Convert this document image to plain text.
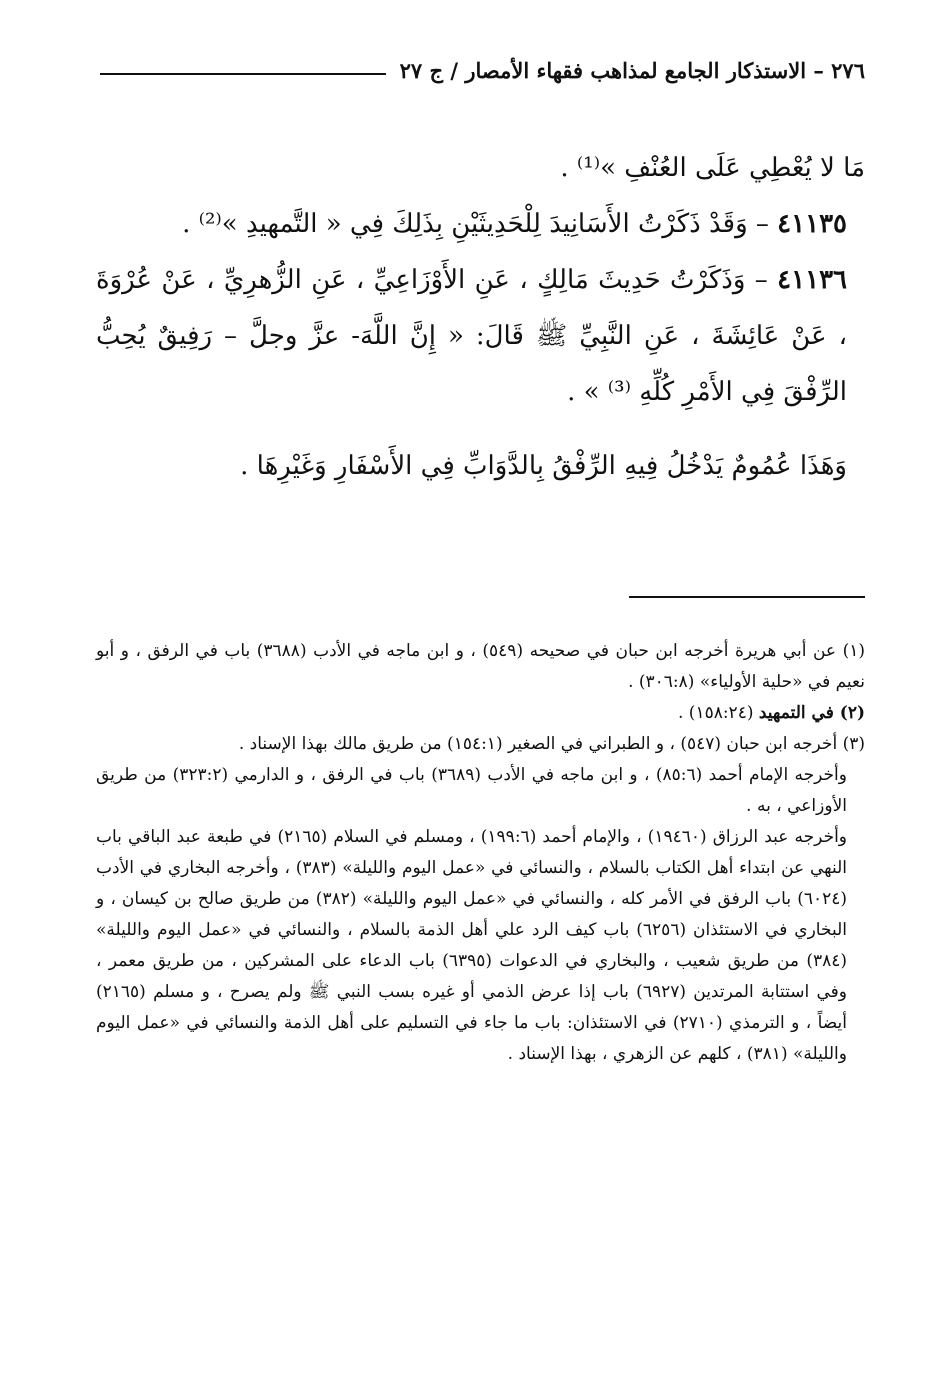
٢٧٦ – الاستذكار الجامع لمذاهب فقهاء الأمصار / ج ٢٧

مَا لا يُعْطِي عَلَى العُنْفِ »⁽¹⁾ .

٤١١٣٥ – وَقَدْ ذَكَرْتُ الأَسَانِيدَ لِلْحَدِيثَيْنِ بِذَلِكَ فِي « التَّمهيدِ »⁽²⁾ .

٤١١٣٦ – وَذَكَرْتُ حَدِيثَ مَالِكٍ ، عَنِ الأَوْزَاعِيِّ ، عَنِ الزُّهرِيِّ ، عَنْ عُرْوَةَ ، عَنْ عَائِشَةَ ، عَنِ النَّبِيِّ ﷺ قَالَ: « إِنَّ اللَّهَ- عزَّ وجلَّ – رَفِيقٌ يُحِبُّ الرِّفْقَ فِي الأَمْرِ كُلِّهِ ⁽³⁾ » .

وَهَذَا عُمُومٌ يَدْخُلُ فِيهِ الرِّفْقُ بِالدَّوَابِّ فِي الأَسْفَارِ وَغَيْرِهَا .

(١) عن أبي هريرة أخرجه ابن حبان في صحيحه (٥٤٩) ، و ابن ماجه في الأدب (٣٦٨٨) باب في الرفق ، و أبو نعيم في «حلية الأولياء» (٣٠٦:٨) .

(٢) في التمهيد (١٥٨:٢٤) .

(٣) أخرجه ابن حبان (٥٤٧) ، و الطبراني في الصغير (١٥٤:١) من طريق مالك بهذا الإسناد .

وأخرجه الإمام أحمد (٨٥:٦) ، و ابن ماجه في الأدب (٣٦٨٩) باب في الرفق ، و الدارمي (٣٢٣:٢) من طريق الأوزاعي ، به .

وأخرجه عبد الرزاق (١٩٤٦٠) ، والإمام أحمد (١٩٩:٦) ، ومسلم في السلام (٢١٦٥) في طبعة عبد الباقي باب النهي عن ابتداء أهل الكتاب بالسلام ، والنسائي في «عمل اليوم والليلة» (٣٨٣) ، وأخرجه البخاري في الأدب (٦٠٢٤) باب الرفق في الأمر كله ، والنسائي في «عمل اليوم والليلة» (٣٨٢) من طريق صالح بن كيسان ، و البخاري في الاستئذان (٦٢٥٦) باب كيف الرد علي أهل الذمة بالسلام ، والنسائي في «عمل اليوم والليلة» (٣٨٤) من طريق شعيب ، والبخاري في الدعوات (٦٣٩٥) باب الدعاء على المشركين ، من طريق معمر ، وفي استتابة المرتدين (٦٩٢٧) باب إذا عرض الذمي أو غيره بسب النبي ﷺ ولم يصرح ، و مسلم (٢١٦٥) أيضاً ، و الترمذي (٢٧١٠) في الاستئذان: باب ما جاء في التسليم على أهل الذمة والنسائي في «عمل اليوم والليلة» (٣٨١) ، كلهم عن الزهري ، بهذا الإسناد .
